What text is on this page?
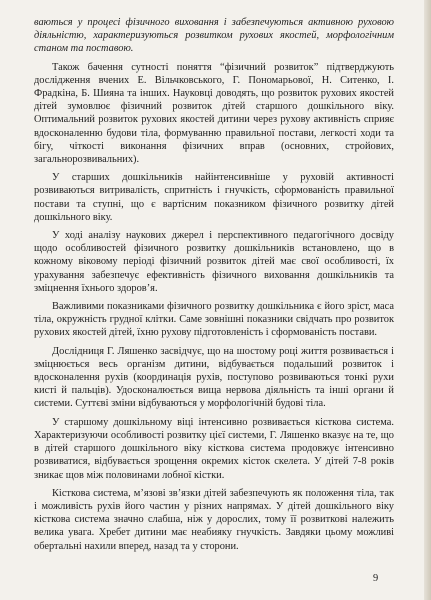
ваються у процесі фізичного виховання і забезпечуються активною руховою діяльністю, характеризуються розвитком рухових якостей, морфологічним станом та поставою.

Також бачення сутності поняття “фізичний розвиток” підтверджують дослідження вчених Е. Вільчковського, Г. Пономарьової, Н. Ситенко, І. Фрадкіна, Б. Шияна та інших. Науковці доводять, що розвиток рухових якостей дітей зумовлює фізичний розвиток дітей старшого дошкільного віку. Оптимальний розвиток рухових якостей дитини через рухову активність сприяє вдосконаленню будови тіла, формуванню правильної постави, легкості ходи та бігу, чіткості виконання фізичних вправ (основних, стройових, загальнорозвивальних).

У старших дошкільників найінтенсивніше у руховій активності розвиваються витривалість, спритність і гнучкість, сформованість правильної постави та ступні, що є вартісним показником фізичного розвитку дітей дошкільного віку.

У ході аналізу наукових джерел і перспективного педагогічного досвіду щодо особливостей фізичного розвитку дошкільників встановлено, що в кожному віковому періоді фізичний розвиток дітей має свої особливості, їх урахування забезпечує ефективність фізичного виховання дошкільників та зміцнення їхнього здоров’я.

Важливими показниками фізичного розвитку дошкільника є його зріст, маса тіла, окружність грудної клітки. Саме зовнішні показники свідчать про розвиток рухових якостей дітей, їхню рухову підготовленість і сформованість постави.

Дослідниця Г. Ляшенко засвідчує, що на шостому році життя розвивається і зміцнюється весь організм дитини, відбувається подальший розвиток і вдосконалення рухів (координація рухів, поступово розвиваються тонкі рухи кисті й пальців). Удосконалюється вища нервова діяльність та інші органи й системи. Суттєві зміни відбуваються у морфологічній будові тіла.

У старшому дошкільному віці інтенсивно розвивається кісткова система. Характеризуючи особливості розвитку цієї системи, Г. Ляшенко вказує на те, що в дітей старшого дошкільного віку кісткова система продовжує інтенсивно розвиватися, відбувається зрощення окремих кісток скелета. У дітей 7-8 років зникає щов між половинами лобної кістки.

Кісткова система, м’язові зв’язки дітей забезпечують як положення тіла, так і можливість рухів його частин у різних напрямах. У дітей дошкільного віку кісткова система значно слабша, ніж у дорослих, тому її розвиткові належить велика увага. Хребет дитини має неабияку гнучкість. Завдяки цьому можливі обертальні нахили вперед, назад та у сторони.

9
